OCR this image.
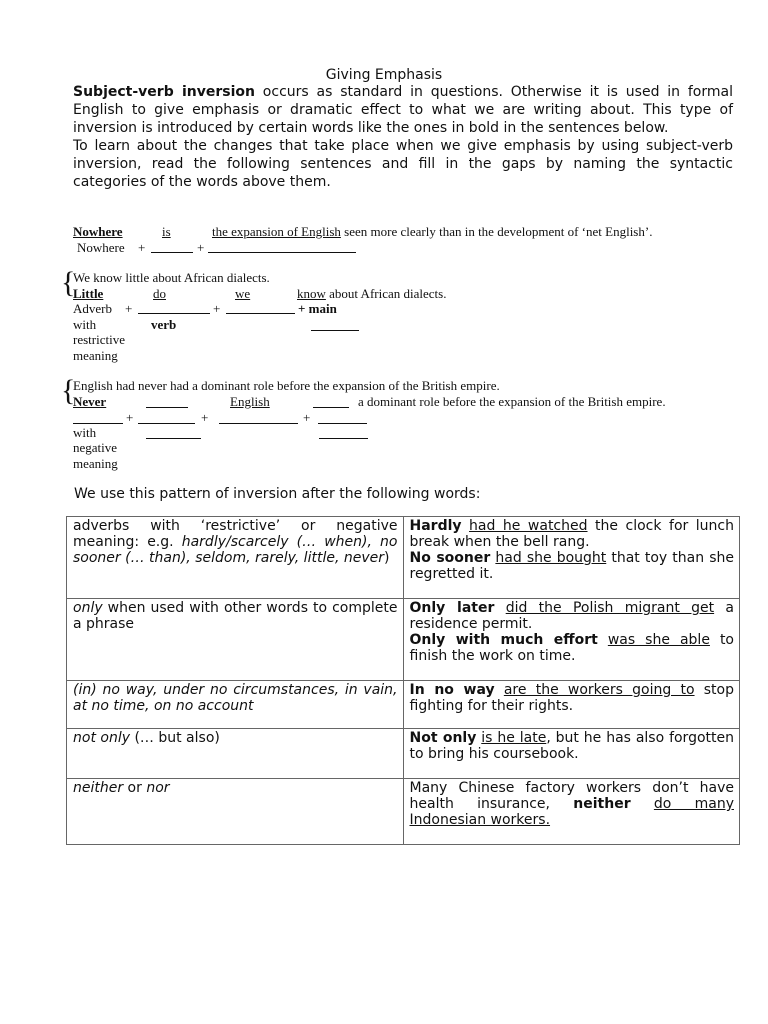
Giving Emphasis

Subject-verb inversion occurs as standard in questions. Otherwise it is used in formal English to give emphasis or dramatic effect to what we are writing about. This type of inversion is introduced by certain words like the ones in bold in the sentences below.

To learn about the changes that take place when we give emphasis by using subject-verb inversion, read the following sentences and fill in the gaps by naming the syntactic categories of the words above them.

Nowhere	is	the expansion of English seen more clearly than in the development of ‘net English’.
Nowhere +	+
{
We know little about African dialects.
Little	do	we	know about African dialects.
Adverb +	+	+ main
with	verb
restrictive
meaning
{
English had never had a dominant role before the expansion of the British empire.
Never	English	a dominant role before the expansion of the British empire.
+	+	+
with
negative
meaning
We use this pattern of inversion after the following words:
adverbs with ‘restrictive’ or negative meaning: e.g. hardly/scarcely (… when), no sooner (… than), seldom, rarely, little, never)	Hardly had he watched the clock for lunch break when the bell rang.

No sooner had she bought that toy than she regretted it.

only when used with other words to complete a phrase	Only later did the Polish migrant get a residence permit.

Only with much effort was she able to finish the work on time.

(in) no way, under no circumstances, in vain, at no time, on no account	In no way are the workers going to stop fighting for their rights.

not only (… but also)	Not only is he late, but he has also forgotten to bring his coursebook.

neither or nor	Many Chinese factory workers don’t have health insurance, neither do many Indonesian workers.
